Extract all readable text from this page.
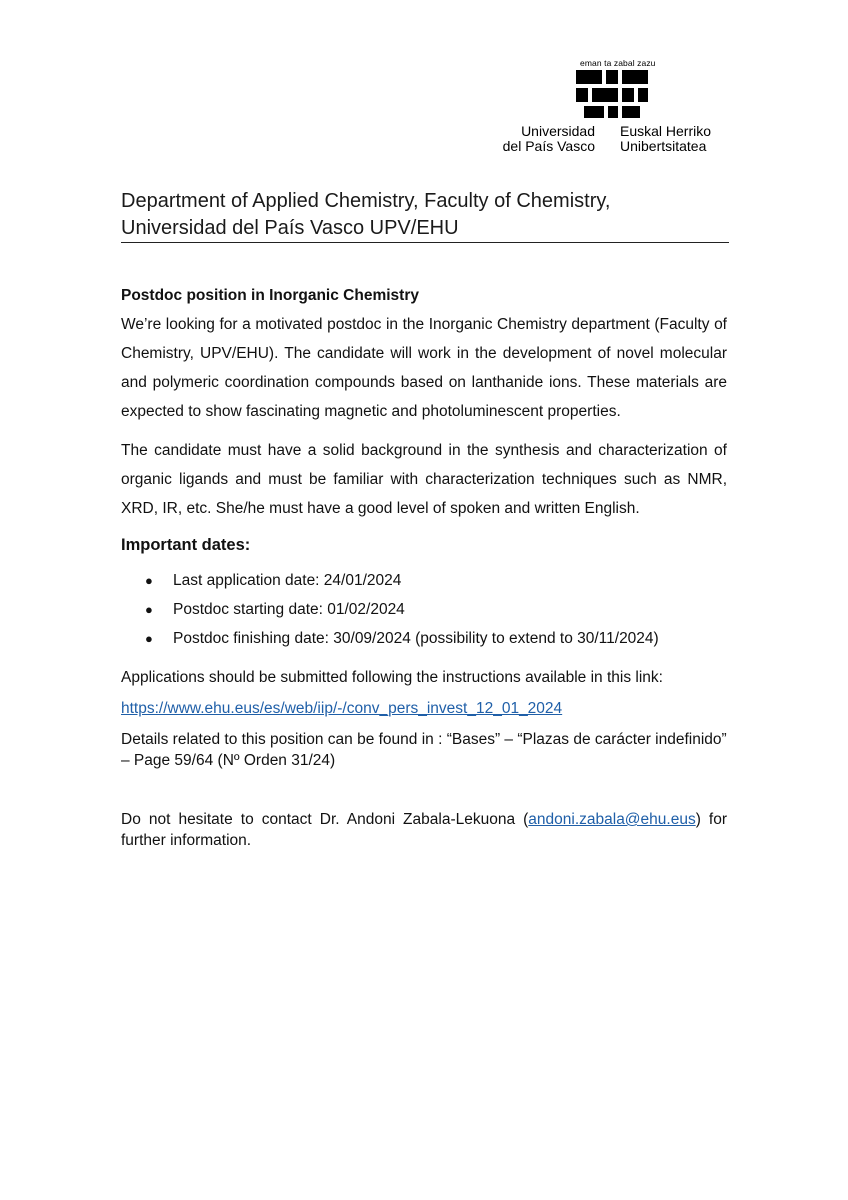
eman ta zabal zazu
Universidad
del País Vasco
Euskal Herriko
Unibertsitatea
Department of Applied Chemistry, Faculty of Chemistry,
Universidad del País Vasco UPV/EHU
Postdoc position in Inorganic Chemistry

We’re looking for a motivated postdoc in the Inorganic Chemistry department (Faculty of Chemistry, UPV/EHU). The candidate will work in the development of novel molecular and polymeric coordination compounds based on lanthanide ions. These materials are expected to show fascinating magnetic and photoluminescent properties.

The candidate must have a solid background in the synthesis and characterization of organic ligands and must be familiar with characterization techniques such as NMR, XRD, IR, etc. She/he must have a good level of spoken and written English.

Important dates:
● Last application date: 24/01/2024
● Postdoc starting date: 01/02/2024
● Postdoc finishing date: 30/09/2024 (possibility to extend to 30/11/2024)

Applications should be submitted following the instructions available in this link:

https://www.ehu.eus/es/web/iip/-/conv_pers_invest_12_01_2024

Details related to this position can be found in : “Bases” – “Plazas de carácter indefinido” – Page 59/64 (Nº Orden 31/24)

Do not hesitate to contact Dr. Andoni Zabala-Lekuona (andoni.zabala@ehu.eus) for further information.
